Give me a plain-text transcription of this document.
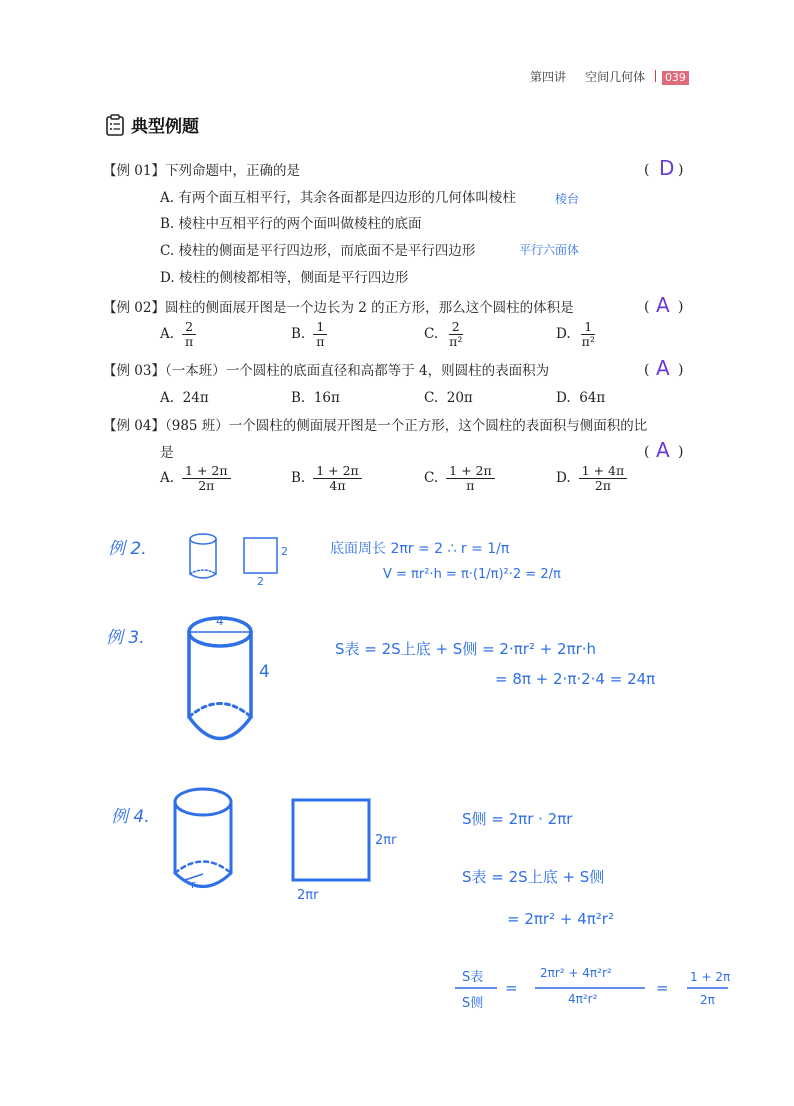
第四讲 空间几何体 039
典型例题
【例 01】下列命题中，正确的是	( D )
A. 有两个面互相平行，其余各面都是四边形的几何体叫棱柱	棱台
B. 棱柱中互相平行的两个面叫做棱柱的底面
C. 棱柱的侧面是平行四边形，而底面不是平行四边形	平行六面体
D. 棱柱的侧棱都相等，侧面是平行四边形
【例 02】圆柱的侧面展开图是一个边长为 2 的正方形，那么这个圆柱的体积是	( A )
A. $\frac{2}{\pi}$	B. $\frac{1}{\pi}$	C. $\frac{2}{\text{π²}}$	D. $\frac{1}{\text{π²}}$
【例 03】（一本班）一个圆柱的底面直径和高都等于 4，则圆柱的表面积为	( A )
A. 24π	B. 16π	C. 20π	D. 64π
【例 04】（985 班）一个圆柱的侧面展开图是一个正方形，这个圆柱的表面积与侧面积的比
是	( A )
A. $\frac{1 + 2\pi}{2\pi}$	B. $\frac{1 + 2\pi}{4\pi}$	C. $\frac{1 + 2\pi}{\pi}$	D. $\frac{1 + 4\pi}{2\pi}$
例 2.	2
2
底面周长 2πr = 2 ∴ r = 1/π
V = πr²·h = π·(1/π)²·2 = 2/π
例 3.
4
4
S表 = 2S上底 + S侧 = 2·πr² + 2πr·h
= 8π + 2·π·2·4 = 24π
例 4.
r
2πr
2πr
S侧 = 2πr · 2πr
S表 = 2S上底 + S侧
= 2πr² + 4π²r²
S表
S侧
=
2πr² + 4π²r²
4π²r²
=
1 + 2π
2π
